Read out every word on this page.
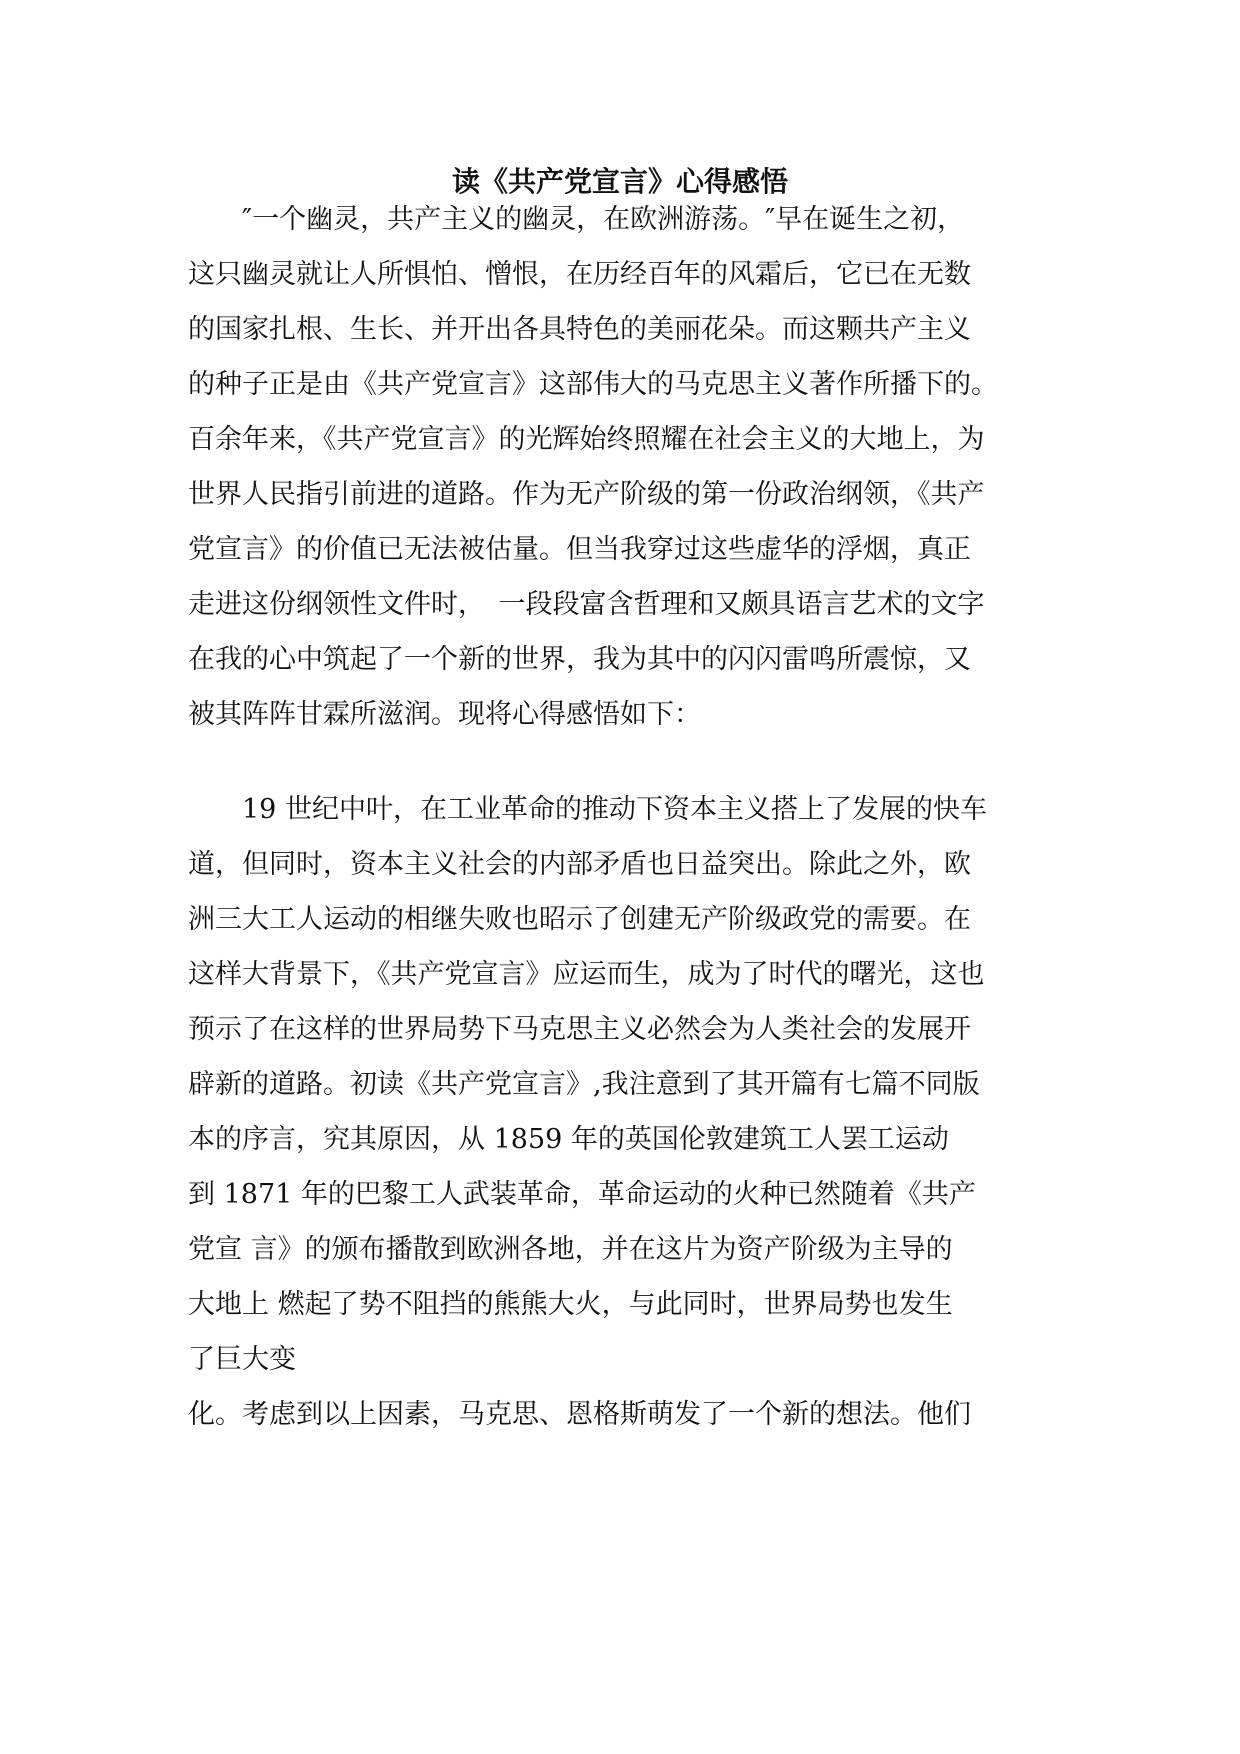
读《共产党宣言》心得感悟
″一个幽灵，共产主义的幽灵，在欧洲游荡。″早在诞生之初，
这只幽灵就让人所惧怕、憎恨，在历经百年的风霜后，它已在无数
的国家扎根、生长、并开出各具特色的美丽花朵。而这颗共产主义
的种子正是由《共产党宣言》这部伟大的马克思主义著作所播下的。
百余年来，《共产党宣言》的光辉始终照耀在社会主义的大地上，为
世界人民指引前进的道路。作为无产阶级的第一份政治纲领，《共产
党宣言》的价值已无法被估量。但当我穿过这些虚华的浮烟，真正
走进这份纲领性文件时，　一段段富含哲理和又颇具语言艺术的文字
在我的心中筑起了一个新的世界，我为其中的闪闪雷鸣所震惊，又
被其阵阵甘霖所滋润。现将心得感悟如下：
19 世纪中叶，在工业革命的推动下资本主义搭上了发展的快车
道，但同时，资本主义社会的内部矛盾也日益突出。除此之外，欧
洲三大工人运动的相继失败也昭示了创建无产阶级政党的需要。在
这样大背景下，《共产党宣言》应运而生，成为了时代的曙光，这也
预示了在这样的世界局势下马克思主义必然会为人类社会的发展开
辟新的道路。初读《共产党宣言》,我注意到了其开篇有七篇不同版
本的序言，究其原因，从 1859 年的英国伦敦建筑工人罢工运动
到 1871 年的巴黎工人武装革命，革命运动的火种已然随着《共产
党宣 言》的颁布播散到欧洲各地，并在这片为资产阶级为主导的
大地上 燃起了势不阻挡的熊熊大火，与此同时，世界局势也发生
了巨大变
化。考虑到以上因素，马克思、恩格斯萌发了一个新的想法。他们
